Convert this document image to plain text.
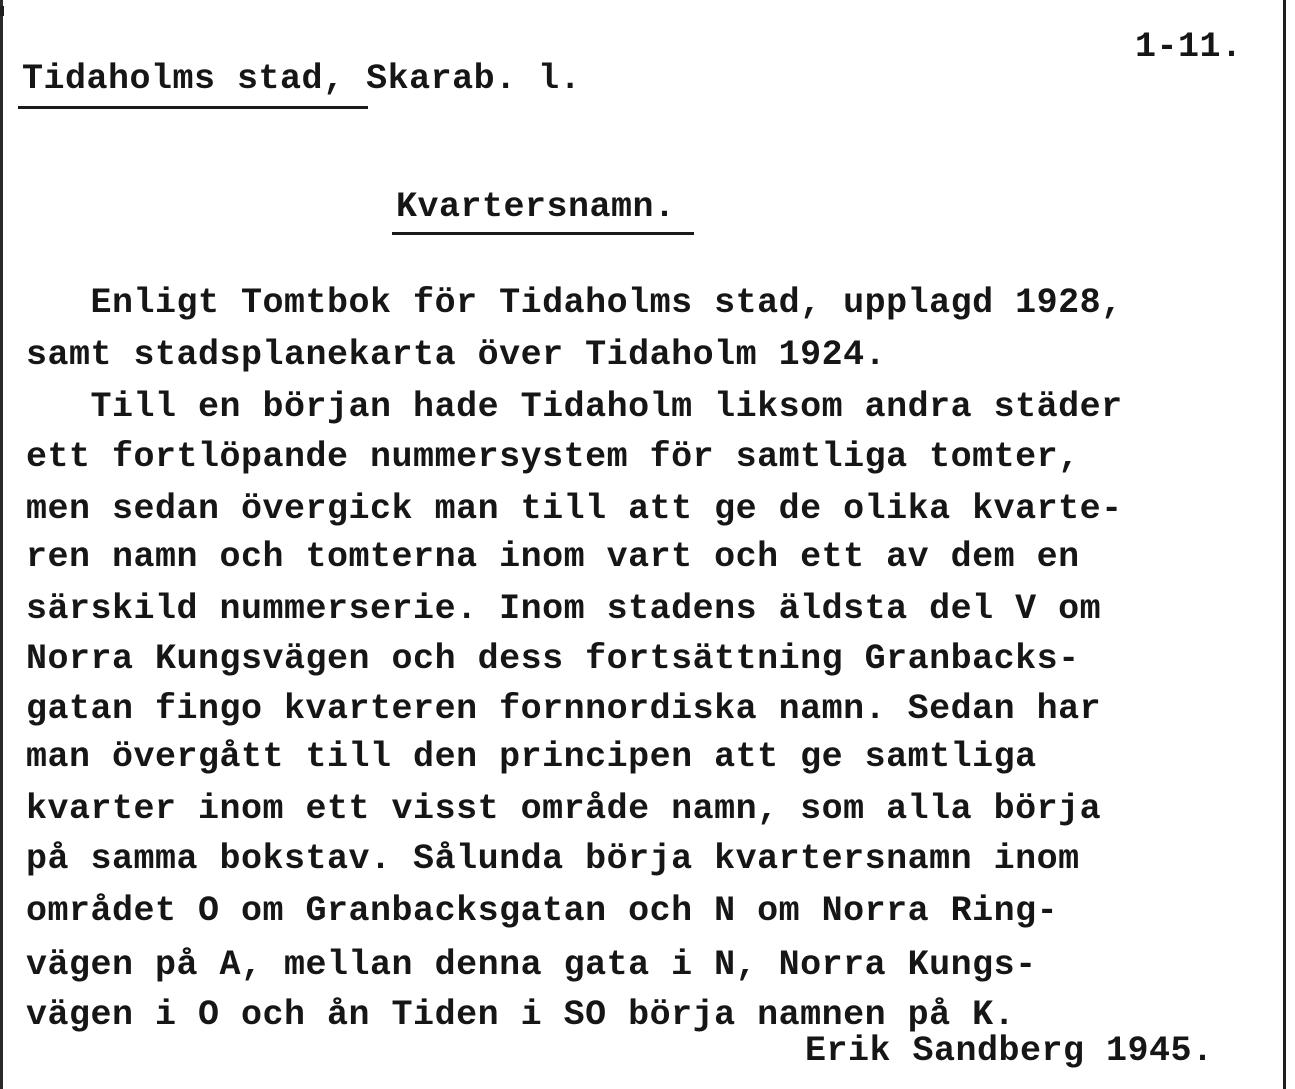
Tidaholms stad, Skarab. l.
1-11.
Kvartersnamn.
Enligt Tomtbok för Tidaholms stad, upplagd 1928,
samt stadsplanekarta över Tidaholm 1924.
Till en början hade Tidaholm liksom andra städer
ett fortlöpande nummersystem för samtliga tomter,
men sedan övergick man till att ge de olika kvarte-
ren namn och tomterna inom vart och ett av dem en
särskild nummerserie. Inom stadens äldsta del V om
Norra Kungsvägen och dess fortsättning Granbacks-
gatan fingo kvarteren fornnordiska namn. Sedan har
man övergått till den principen att ge samtliga
kvarter inom ett visst område namn, som alla börja
på samma bokstav. Sålunda börja kvartersnamn inom
området O om Granbacksgatan och N om Norra Ring-
vägen på A, mellan denna gata i N, Norra Kungs-
vägen i O och ån Tiden i SO börja namnen på K.
Erik Sandberg 1945.
